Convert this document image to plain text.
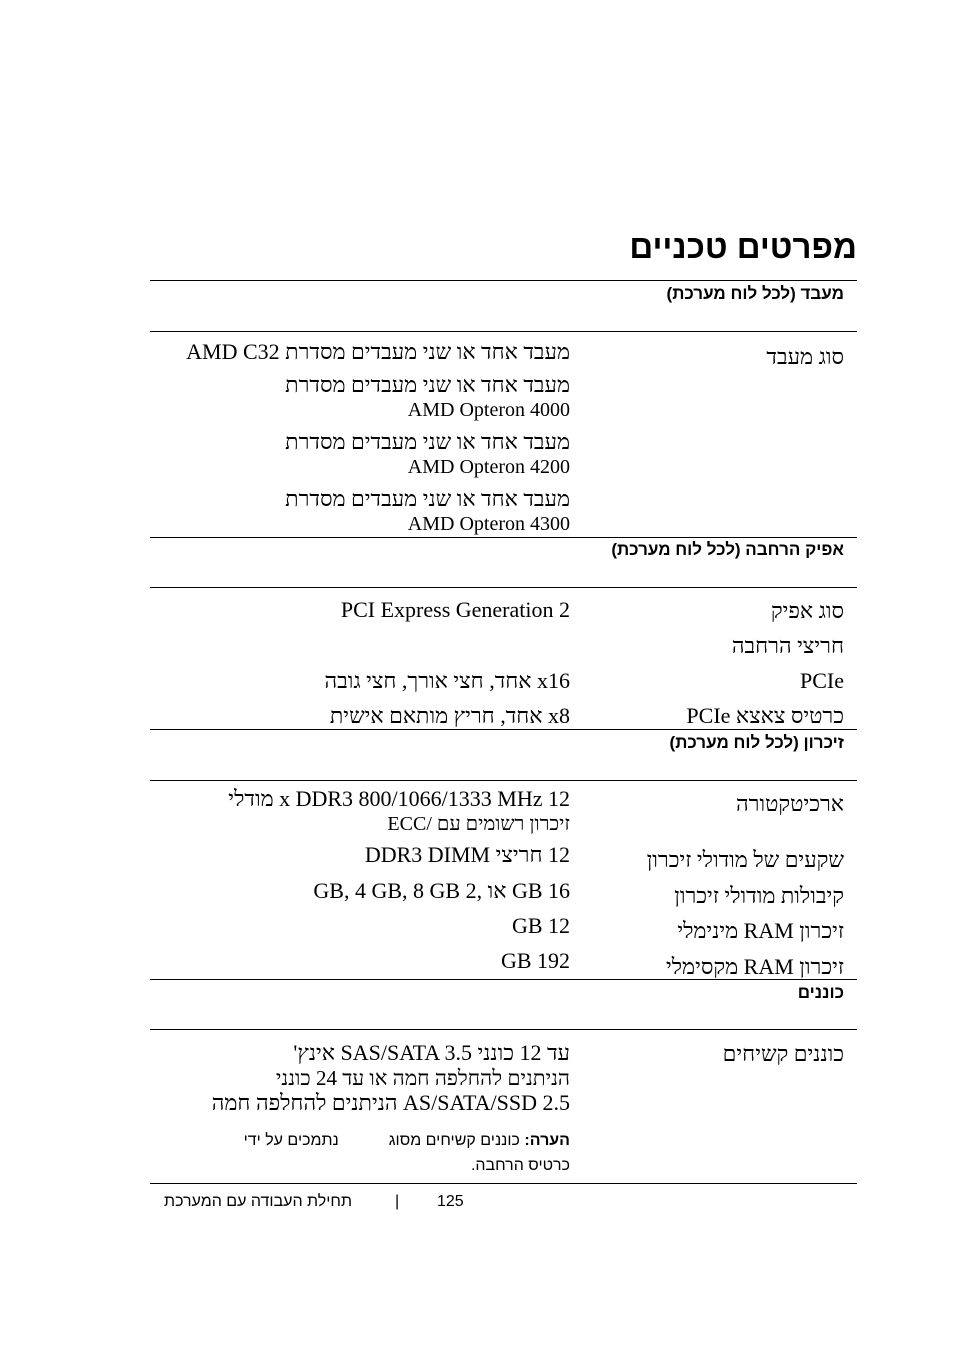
מפרטים טכניים
מעבד (לכל לוח מערכת)
סוג מעבד
מעבד אחד או שני מעבדים מסדרת AMD C32
מעבד אחד או שני מעבדים מסדרת
AMD Opteron 4000
מעבד אחד או שני מעבדים מסדרת
AMD Opteron 4200
מעבד אחד או שני מעבדים מסדרת
AMD Opteron 4300
אפיק הרחבה (לכל לוח מערכת)
סוג אפיק
PCI Express Generation 2
חריצי הרחבה
PCIe
x16 אחד, חצי אורך, חצי גובה
כרטיס צאצא PCIe
x8 אחד, חריץ מותאם אישית
זיכרון (לכל לוח מערכת)
ארכיטקטורה
12 x DDR3 800/1066/1333 MHz מודלי
זיכרון רשומים עם /ECC
שקעים של מודולי זיכרון
12 חריצי DDR3 DIMM
קיבולות מודולי זיכרון
GB 16 או ,GB, 4 GB, 8 GB 2
זיכרון RAM מינימלי
GB 12
זיכרון RAM מקסימלי
GB 192
כוננים
כוננים קשיחים
עד 12 כונני SAS/SATA 3.5 אינץ'
הניתנים להחלפה חמה או עד 24 כונני
AS/SATA/SSD 2.5 הניתנים להחלפה חמה
הערה: כוננים קשיחים מסוגנתמכים על ידי
כרטיס הרחבה.
125
|
תחילת העבודה עם המערכת
